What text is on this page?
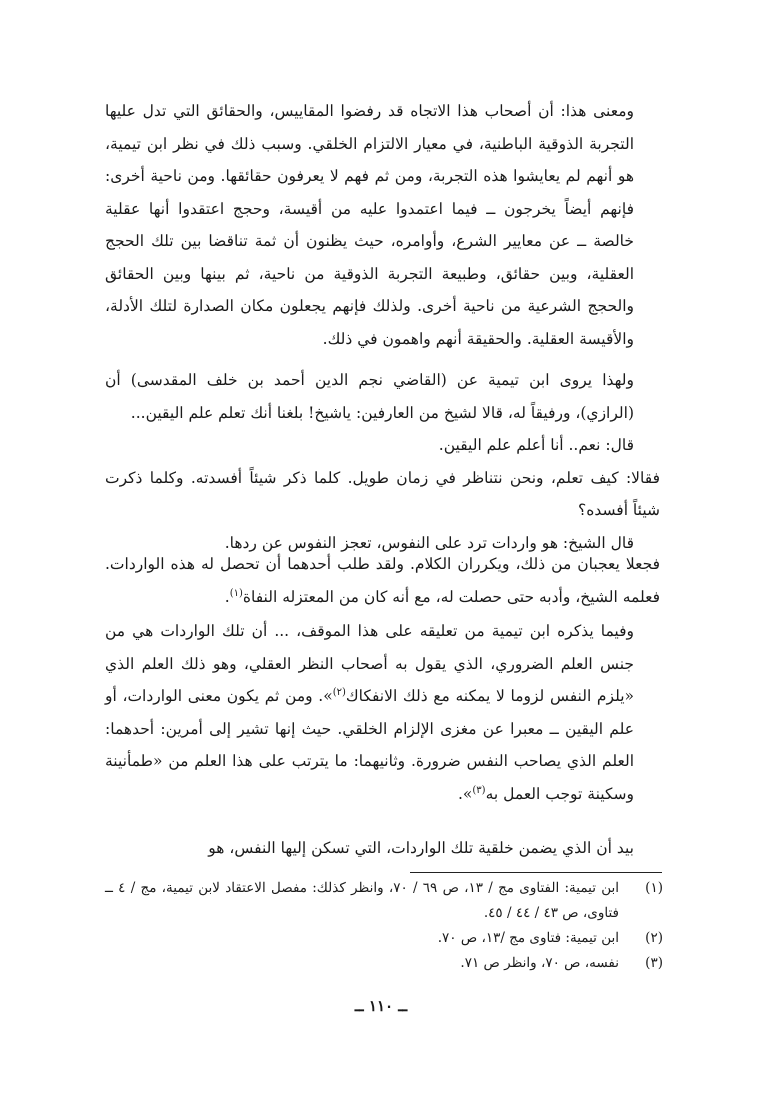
ومعنى هذا: أن أصحاب هذا الاتجاه قد رفضوا المقاييس، والحقائق التي تدل عليها التجربة الذوقية الباطنية، في معيار الالتزام الخلقي. وسبب ذلك في نظر ابن تيمية، هو أنهم لم يعايشوا هذه التجربة، ومن ثم فهم لا يعرفون حقائقها. ومن ناحية أخرى: فإنهم أيضاً يخرجون ــ فيما اعتمدوا عليه من أقيسة، وحجج اعتقدوا أنها عقلية خالصة ــ عن معايير الشرع، وأوامره، حيث يظنون أن ثمة تناقضا بين تلك الحجج العقلية، وبين حقائق، وطبيعة التجربة الذوقية من ناحية، ثم بينها وبين الحقائق والحجج الشرعية من ناحية أخرى. ولذلك فإنهم يجعلون مكان الصدارة لتلك الأدلة، والأقيسة العقلية. والحقيقة أنهم واهمون في ذلك.

ولهذا يروى ابن تيمية عن (القاضي نجم الدين أحمد بن خلف المقدسى) أن (الرازي)، ورفيقاً له، قالا لشيخ من العارفين: ياشيخ! بلغنا أنك تعلم علم اليقين...

قال: نعم.. أنا أعلم علم اليقين.

فقالا: كيف تعلم، ونحن نتناظر في زمان طويل. كلما ذكر شيئاً أفسدته. وكلما ذكرت شيئاً أفسده؟

قال الشيخ: هو واردات ترد على النفوس، تعجز النفوس عن ردها.

فجعلا يعجبان من ذلك، ويكرران الكلام. ولقد طلب أحدهما أن تحصل له هذه الواردات. فعلمه الشيخ، وأدبه حتى حصلت له، مع أنه كان من المعتزله النفاة$^{(١)}$.

وفيما يذكره ابن تيمية من تعليقه على هذا الموقف، ... أن تلك الواردات هي من جنس العلم الضروري، الذي يقول به أصحاب النظر العقلي، وهو ذلك العلم الذي «يلزم النفس لزوما لا يمكنه مع ذلك الانفكاك$^{(٢)}$». ومن ثم يكون معنى الواردات، أو علم اليقين ــ معبرا عن مغزى الإلزام الخلقي. حيث إنها تشير إلى أمرين: أحدهما: العلم الذي يصاحب النفس ضرورة. وثانيهما: ما يترتب على هذا العلم من «طمأنينة وسكينة توجب العمل به$^{(٣)}$».

بيد أن الذي يضمن خلقية تلك الواردات، التي تسكن إليها النفس، هو

(١)
ابن تيمية: الفتاوى مج / ١٣، ص ٦٩ / ٧٠، وانظر كذلك: مفصل الاعتقاد لابن تيمية، مج / ٤ ــ فتاوى، ص ٤٣ / ٤٤ / ٤٥.
(٢)
ابن تيمية: فتاوى مج /١٣، ص ٧٠.
(٣)
نفسه، ص ٧٠، وانظر ص ٧١.
ــ ١١٠ ــ
